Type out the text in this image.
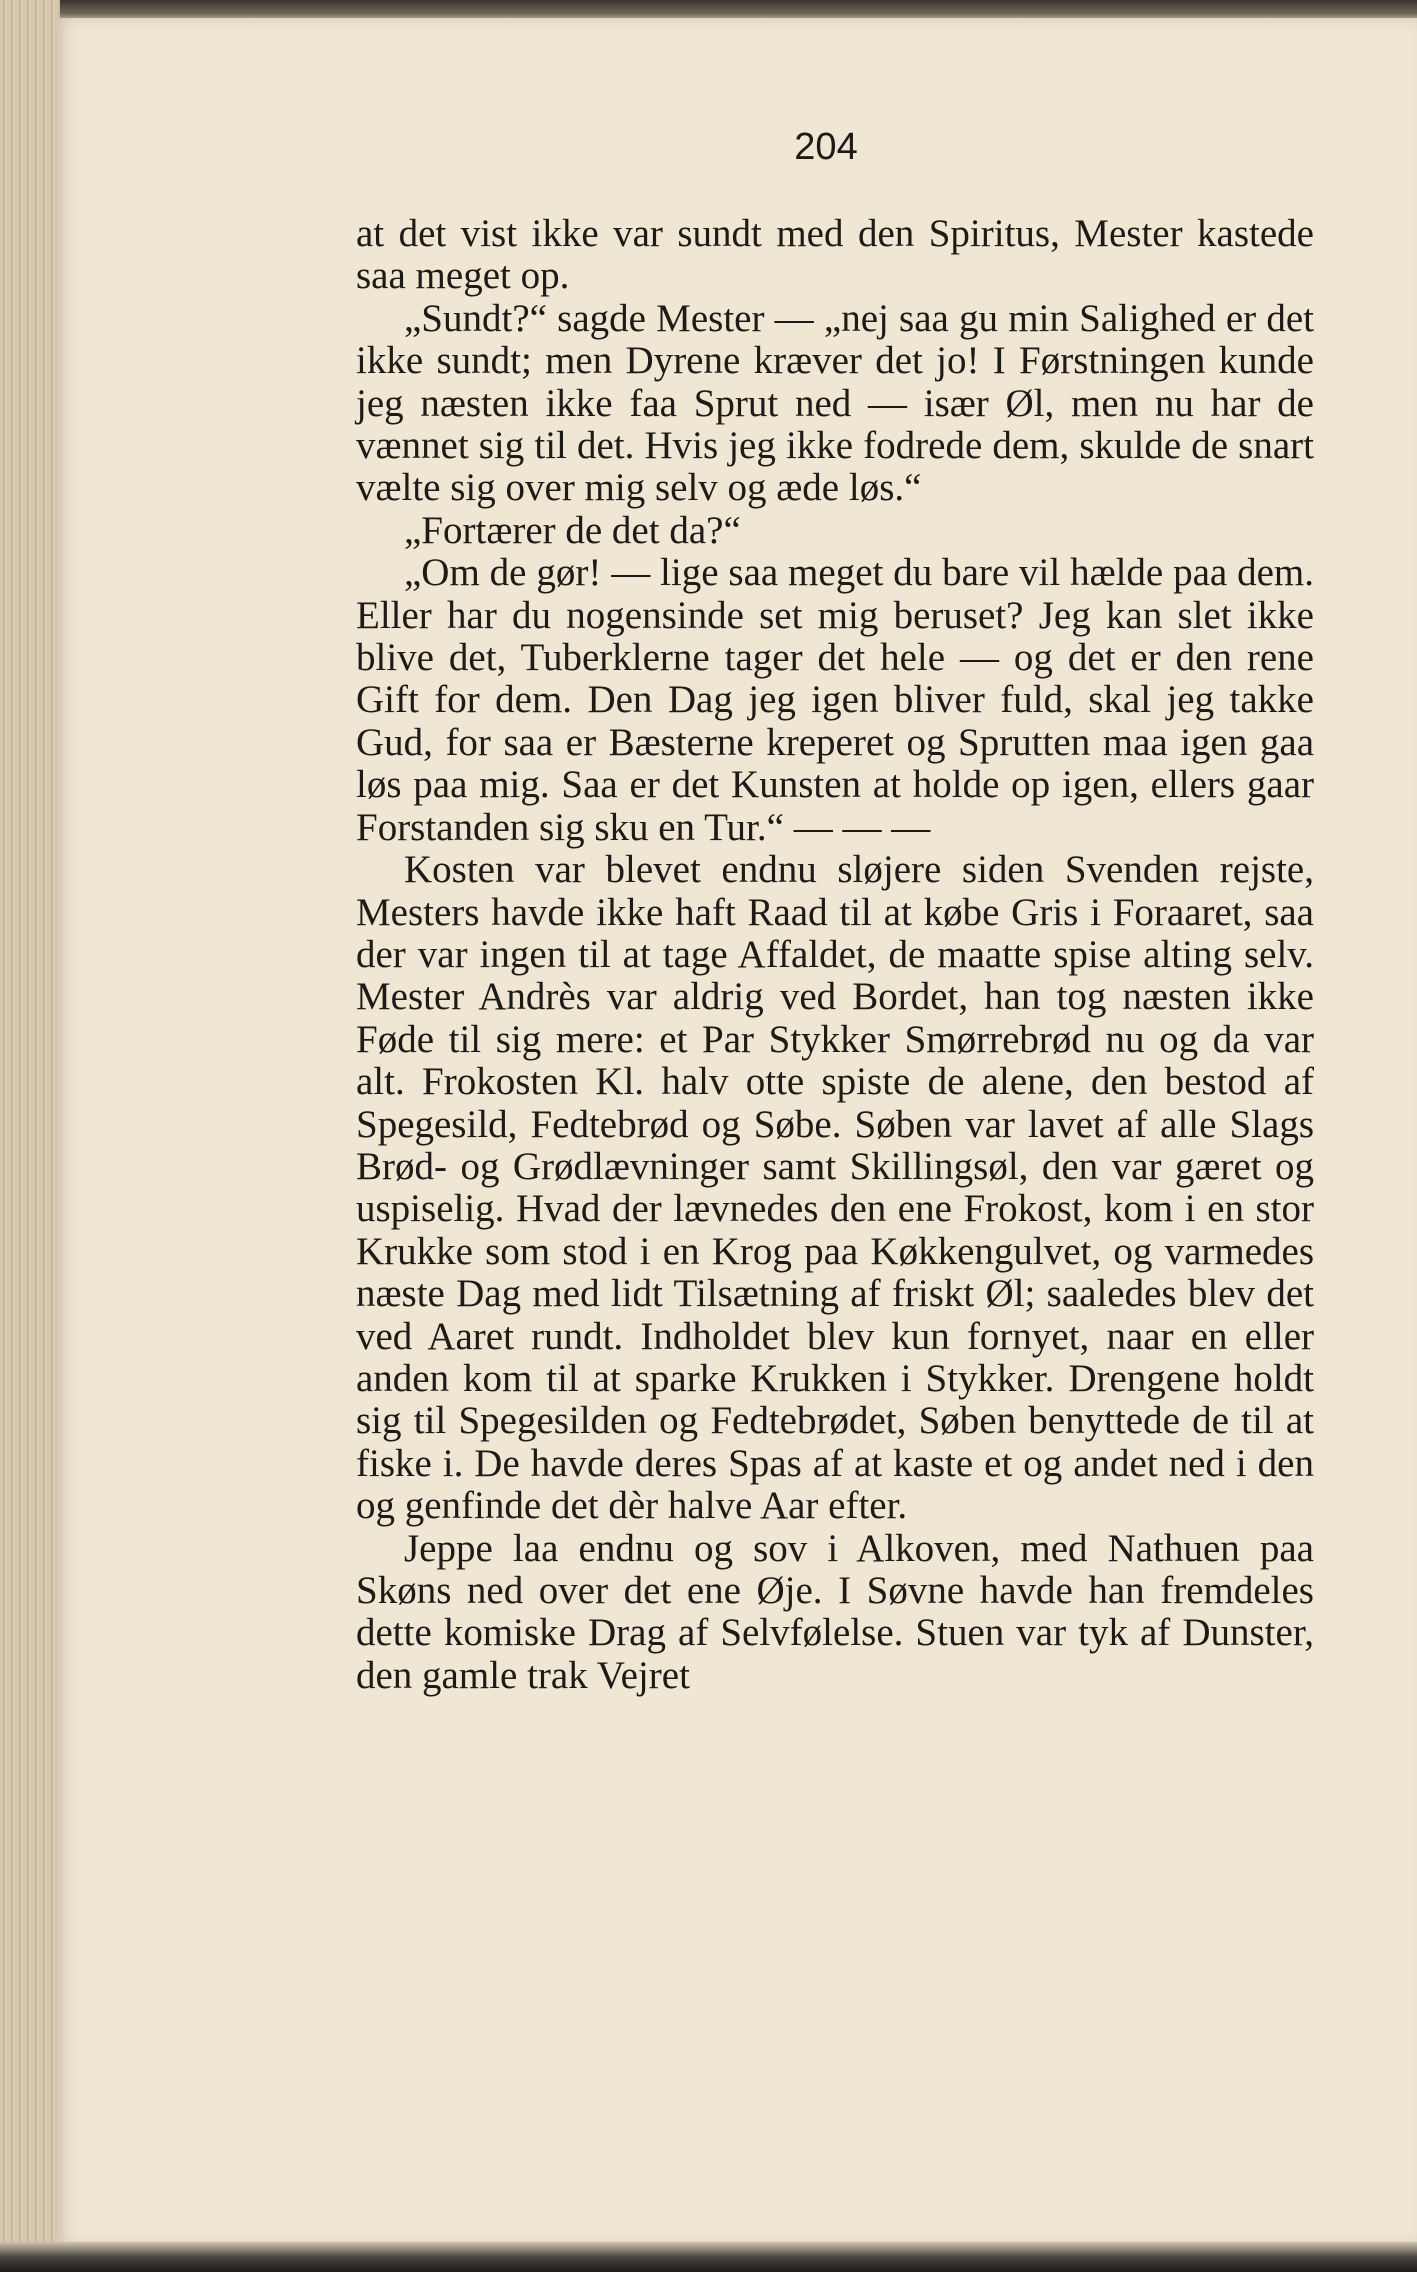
204

at det vist ikke var sundt med den Spiritus, Mester kastede saa meget op.

„Sundt?“ sagde Mester — „nej saa gu min Salighed er det ikke sundt; men Dyrene kræver det jo! I Førstningen kunde jeg næsten ikke faa Sprut ned — især Øl, men nu har de vænnet sig til det. Hvis jeg ikke fodrede dem, skulde de snart vælte sig over mig selv og æde løs.“

„Fortærer de det da?“

„Om de gør! — lige saa meget du bare vil hælde paa dem. Eller har du nogensinde set mig beruset? Jeg kan slet ikke blive det, Tuberklerne tager det hele — og det er den rene Gift for dem. Den Dag jeg igen bliver fuld, skal jeg takke Gud, for saa er Bæsterne kreperet og Sprutten maa igen gaa løs paa mig. Saa er det Kunsten at holde op igen, ellers gaar Forstanden sig sku en Tur.“ — — —

Kosten var blevet endnu sløjere siden Svenden rejste, Mesters havde ikke haft Raad til at købe Gris i Foraaret, saa der var ingen til at tage Affaldet, de maatte spise alting selv. Mester Andrès var aldrig ved Bordet, han tog næsten ikke Føde til sig mere: et Par Stykker Smørrebrød nu og da var alt. Frokosten Kl. halv otte spiste de alene, den bestod af Spegesild, Fedtebrød og Søbe. Søben var lavet af alle Slags Brød- og Grødlævninger samt Skillingsøl, den var gæret og uspiselig. Hvad der lævnedes den ene Frokost, kom i en stor Krukke som stod i en Krog paa Køkkengulvet, og varmedes næste Dag med lidt Tilsætning af friskt Øl; saaledes blev det ved Aaret rundt. Indholdet blev kun fornyet, naar en eller anden kom til at sparke Krukken i Stykker. Drengene holdt sig til Spegesilden og Fedtebrødet, Søben benyttede de til at fiske i. De havde deres Spas af at kaste et og andet ned i den og genfinde det dèr halve Aar efter.

Jeppe laa endnu og sov i Alkoven, med Nathuen paa Skøns ned over det ene Øje. I Søvne havde han fremdeles dette komiske Drag af Selvfølelse. Stuen var tyk af Dunster, den gamle trak Vejret
